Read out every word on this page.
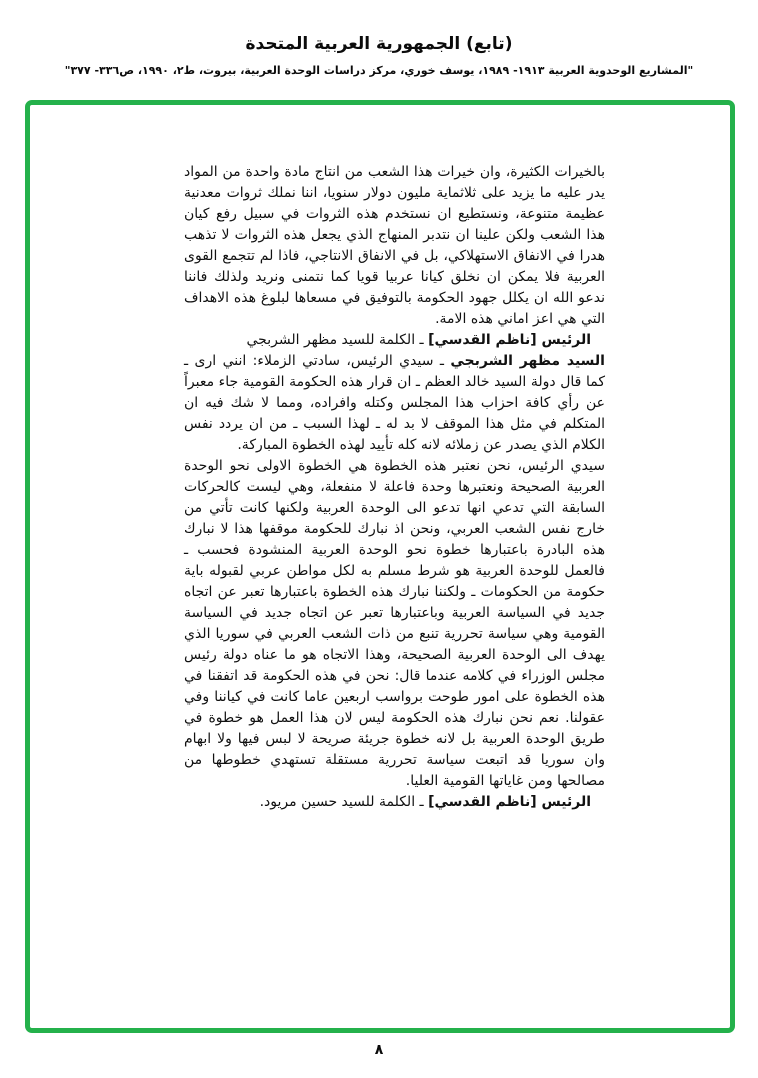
(تابع) الجمهورية العربية المتحدة
"المشاريع الوحدوية العربية ١٩١٣- ١٩٨٩، يوسف خوري، مركز دراسات الوحدة العربية، بيروت، ط٢، ١٩٩٠، ص٣٣٦- ٣٧٧"

بالخيرات الكثيرة، وان خيرات هذا الشعب من انتاج مادة واحدة من المواد يدر عليه ما يزيد على ثلاثماية مليون دولار سنويا، اننا نملك ثروات معدنية عظيمة متنوعة، ونستطيع ان نستخدم هذه الثروات في سبيل رفع كيان هذا الشعب ولكن علينا ان نتدبر المنهاج الذي يجعل هذه الثروات لا تذهب هدرا في الانفاق الاستهلاكي، بل في الانفاق الانتاجي، فاذا لم تتجمع القوى العربية فلا يمكن ان نخلق كيانا عربيا قويا كما نتمنى ونريد ولذلك فاننا ندعو الله ان يكلل جهود الحكومة بالتوفيق في مسعاها لبلوغ هذه الاهداف التي هي اعز اماني هذه الامة.

الرئيس [ناظم القدسي] ـ الكلمة للسيد مظهر الشربجي

السيد مظهر الشربجي ـ سيدي الرئيس، سادتي الزملاء: انني ارى ـ كما قال دولة السيد خالد العظم ـ ان قرار هذه الحكومة القومية جاء معبراً عن رأي كافة احزاب هذا المجلس وكتله وافراده، ومما لا شك فيه ان المتكلم في مثل هذا الموقف لا بد له ـ لهذا السبب ـ من ان يردد نفس الكلام الذي يصدر عن زملائه لانه كله تأييد لهذه الخطوة المباركة.

سيدي الرئيس، نحن نعتبر هذه الخطوة هي الخطوة الاولى نحو الوحدة العربية الصحيحة ونعتبرها وحدة فاعلة لا منفعلة، وهي ليست كالحركات السابقة التي تدعي انها تدعو الى الوحدة العربية ولكنها كانت تأتي من خارج نفس الشعب العربي، ونحن اذ نبارك للحكومة موقفها هذا لا نبارك هذه البادرة باعتبارها خطوة نحو الوحدة العربية المنشودة فحسب ـ فالعمل للوحدة العربية هو شرط مسلم به لكل مواطن عربي لقبوله باية حكومة من الحكومات ـ ولكننا نبارك هذه الخطوة باعتبارها تعبر عن اتجاه جديد في السياسة العربية وباعتبارها تعبر عن اتجاه جديد في السياسة القومية وهي سياسة تحررية تنبع من ذات الشعب العربي في سوريا الذي يهدف الى الوحدة العربية الصحيحة، وهذا الاتجاه هو ما عناه دولة رئيس مجلس الوزراء في كلامه عندما قال: نحن في هذه الحكومة قد اتفقنا في هذه الخطوة على امور طوحت برواسب اربعين عاما كانت في كياننا وفي عقولنا. نعم نحن نبارك هذه الحكومة ليس لان هذا العمل هو خطوة في طريق الوحدة العربية بل لانه خطوة جريئة صريحة لا لبس فيها ولا ابهام وان سوريا قد اتبعت سياسة تحررية مستقلة تستهدي خطوطها من مصالحها ومن غاياتها القومية العليا.

الرئيس [ناظم القدسي] ـ الكلمة للسيد حسين مريود.

٨
